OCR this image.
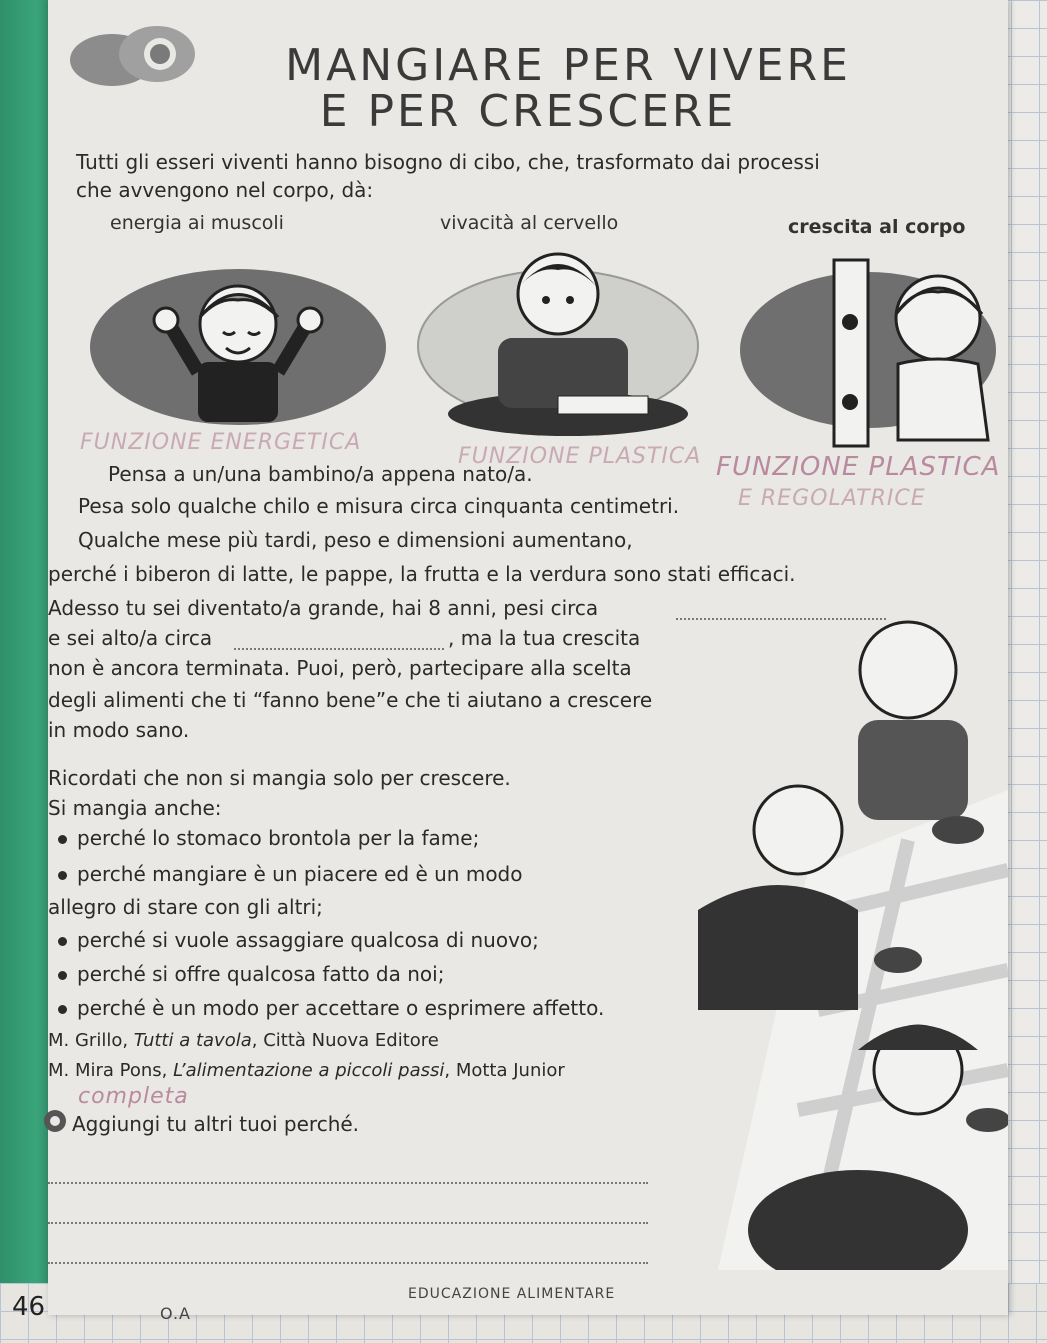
MANGIARE PER VIVERE
E PER CRESCERE
Tutti gli esseri viventi hanno bisogno di cibo, che, trasformato dai processi
che avvengono nel corpo, dà:
energia ai muscoli	vivacità al cervello	crescita al corpo
FUNZIONE ENERGETICA
FUNZIONE PLASTICA FUNZIONE PLASTICA
E REGOLATRICE
Pensa a un/una bambino/a appena nato/a.
Pesa solo qualche chilo e misura circa cinquanta centimetri.
Qualche mese più tardi, peso e dimensioni aumentano,
perché i biberon di latte, le pappe, la frutta e la verdura sono stati efficaci.
Adesso tu sei diventato/a grande, hai 8 anni, pesi circa
e sei alto/a circa	, ma la tua crescita
non è ancora terminata. Puoi, però, partecipare alla scelta
degli alimenti che ti “fanno bene”e che ti aiutano a crescere
in modo sano.
Ricordati che non si mangia solo per crescere.
Si mangia anche:
perché lo stomaco brontola per la fame;
perché mangiare è un piacere ed è un modo
allegro di stare con gli altri;
perché si vuole assaggiare qualcosa di nuovo;
perché si offre qualcosa fatto da noi;
perché è un modo per accettare o esprimere affetto.
M. Grillo, Tutti a tavola, Città Nuova Editore
M. Mira Pons, L’alimentazione a piccoli passi, Motta Junior
completa
Aggiungi tu altri tuoi perché.
EDUCAZIONE ALIMENTARE
46	O.A
